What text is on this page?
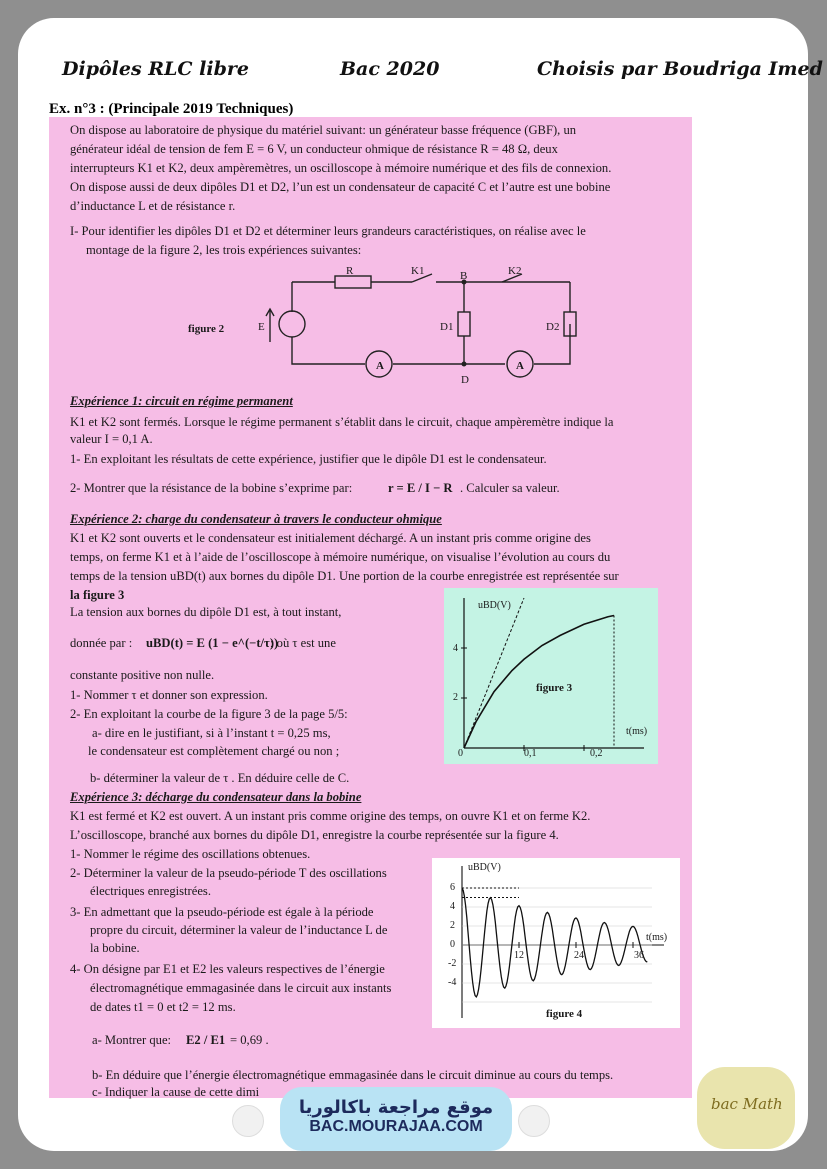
Dipôles RLC libre	Bac 2020	Choisis par Boudriga Imed
Ex. n°3 : (Principale 2019 Techniques)
On dispose au laboratoire de physique du matériel suivant: un générateur basse fréquence (GBF), un
générateur idéal de tension de fem E = 6 V, un conducteur ohmique de résistance R = 48 Ω, deux
interrupteurs K1 et K2, deux ampèremètres, un oscilloscope à mémoire numérique et des fils de connexion.
On dispose aussi de deux dipôles D1 et D2, l’un est un condensateur de capacité C et l’autre est une bobine
d’inductance L et de résistance r.
I- Pour identifier les dipôles D1 et D2 et déterminer leurs grandeurs caractéristiques, on réalise avec le
montage de la figure 2, les trois expériences suivantes:
R	K1	K2
B
D
E	D1	D2
A	A
figure 2
Expérience 1: circuit en régime permanent
K1 et K2 sont fermés. Lorsque le régime permanent s’établit dans le circuit, chaque ampèremètre indique la
valeur I = 0,1 A.
1- En exploitant les résultats de cette expérience, justifier que le dipôle D1 est le condensateur.
2- Montrer que la résistance de la bobine s’exprime par:	r = E / I − R . Calculer sa valeur.
Expérience 2: charge du condensateur à travers le conducteur ohmique
K1 et K2 sont ouverts et le condensateur est initialement déchargé. A un instant pris comme origine des
temps, on ferme K1 et à l’aide de l’oscilloscope à mémoire numérique, on visualise l’évolution au cours du
temps de la tension uBD(t) aux bornes du dipôle D1. Une portion de la courbe enregistrée est représentée sur
la figure 3
La tension aux bornes du dipôle D1 est, à tout instant,
donnée par : uBD(t) = E (1 − e^(−t/τ))
; où τ est une
constante positive non nulle.
1- Nommer τ et donner son expression.
2- En exploitant la courbe de la figure 3 de la page 5/5:
a- dire en le justifiant, si à l’instant t = 0,25 ms,
le condensateur est complètement chargé ou non ;
b- déterminer la valeur de τ . En déduire celle de C.
uBD(V)
t(ms)
figure 3
2
4
0	0,1	0,2
Expérience 3: décharge du condensateur dans la bobine
K1 est fermé et K2 est ouvert. A un instant pris comme origine des temps, on ouvre K1 et on ferme K2.
L’oscilloscope, branché aux bornes du dipôle D1, enregistre la courbe représentée sur la figure 4.
1- Nommer le régime des oscillations obtenues.
2- Déterminer la valeur de la pseudo-période T des oscillations
électriques enregistrées.
3- En admettant que la pseudo-période est égale à la période
propre du circuit, déterminer la valeur de l’inductance L de
la bobine.
4- On désigne par E1 et E2 les valeurs respectives de l’énergie
électromagnétique emmagasinée dans le circuit aux instants
de dates t1 = 0 et t2 = 12 ms.
a- Montrer que: E2 / E1 = 0,69 .
b- En déduire que l’énergie électromagnétique emmagasinée dans le circuit diminue au cours du temps.
c- Indiquer la cause de cette dimi
uBD(V)
t(ms)
figure 4
6
4
2
0
-2
-4
12	24	36
موقع مراجعة باكالوريا
BAC.MOURAJAA.COM
bac Math
